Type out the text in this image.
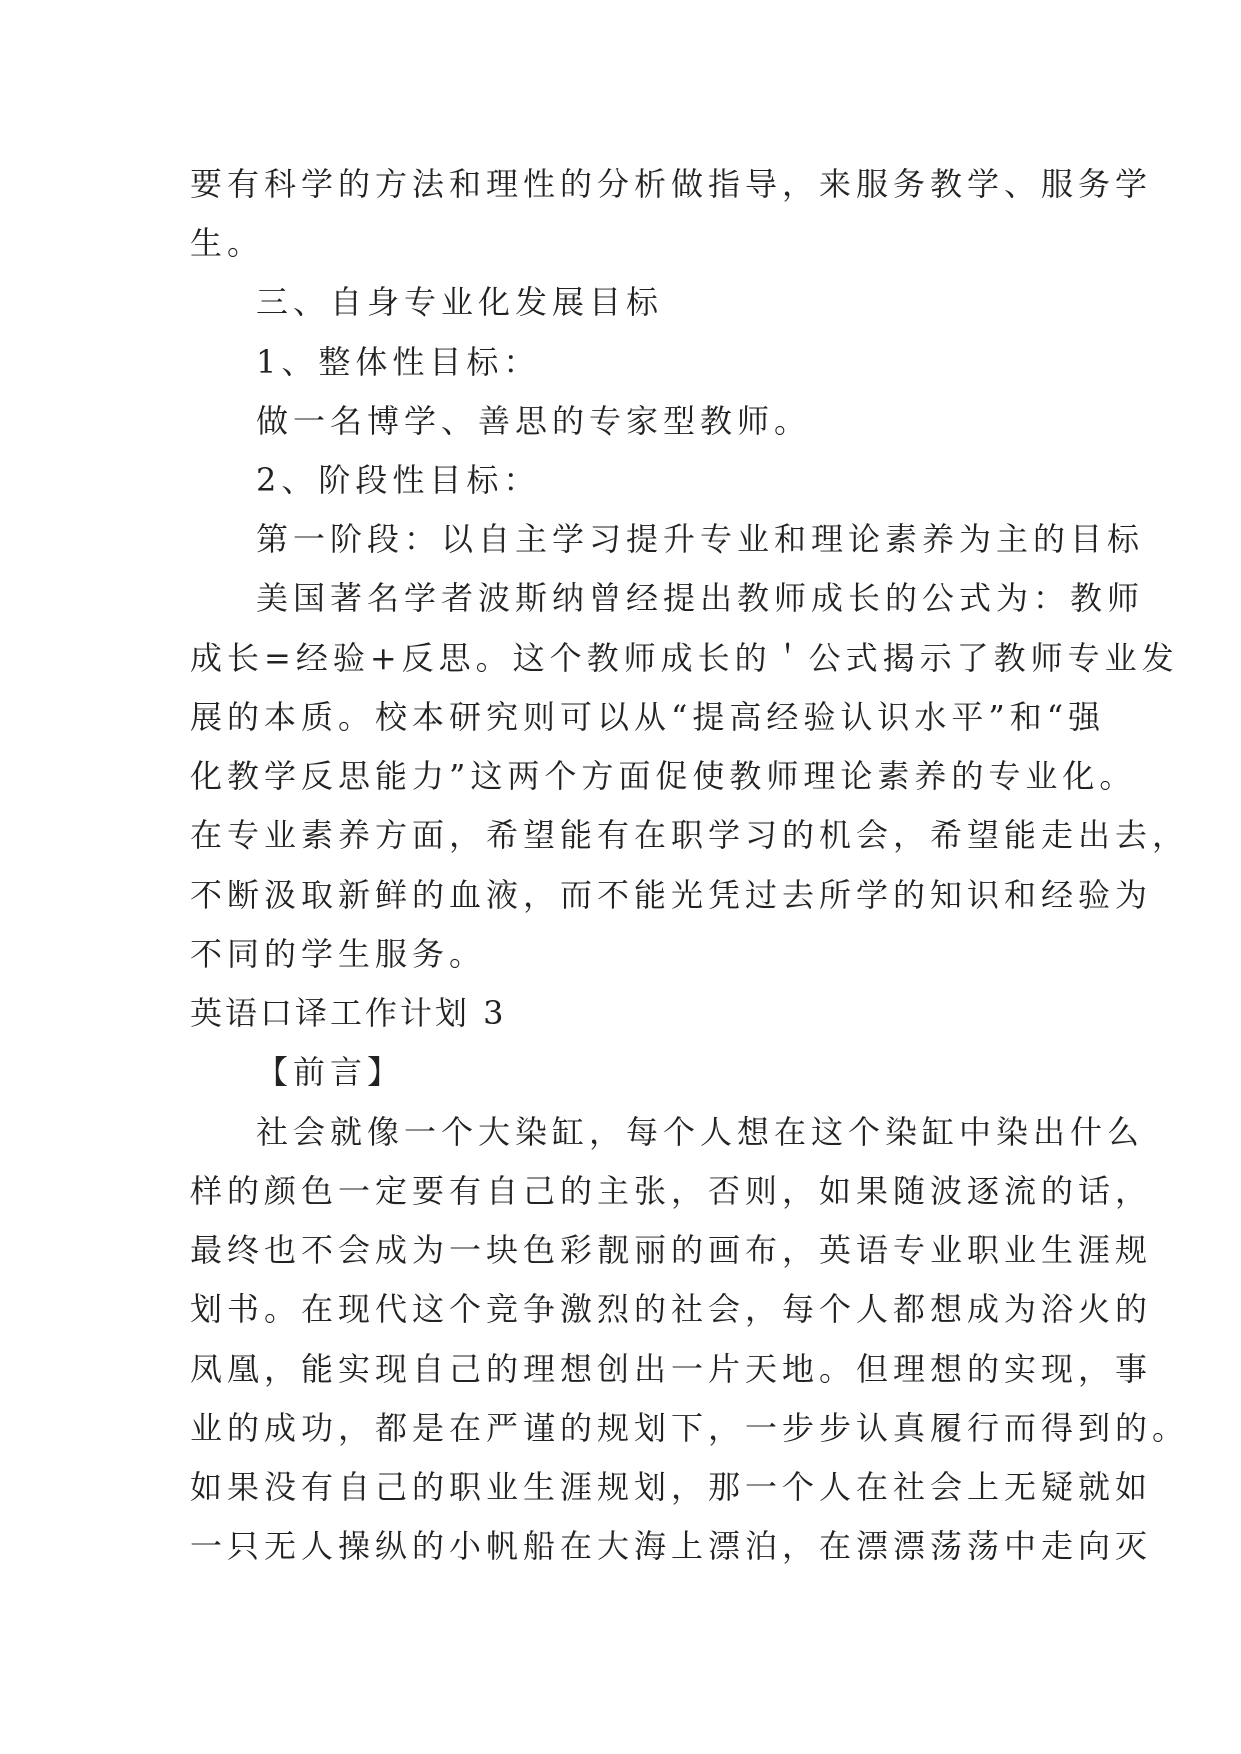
要有科学的方法和理性的分析做指导，来服务教学、服务学
生。
三、自身专业化发展目标
1、整体性目标：
做一名博学、善思的专家型教师。
2、阶段性目标：
第一阶段：以自主学习提升专业和理论素养为主的目标
美国著名学者波斯纳曾经提出教师成长的公式为：教师
成长=经验+反思。这个教师成长的＇公式揭示了教师专业发
展的本质。校本研究则可以从“提高经验认识水平”和“强
化教学反思能力”这两个方面促使教师理论素养的专业化。
在专业素养方面，希望能有在职学习的机会，希望能走出去，
不断汲取新鲜的血液，而不能光凭过去所学的知识和经验为
不同的学生服务。
英语口译工作计划 3
【前言】
社会就像一个大染缸，每个人想在这个染缸中染出什么
样的颜色一定要有自己的主张，否则，如果随波逐流的话，
最终也不会成为一块色彩靓丽的画布，英语专业职业生涯规
划书。在现代这个竞争激烈的社会，每个人都想成为浴火的
凤凰，能实现自己的理想创出一片天地。但理想的实现，事
业的成功，都是在严谨的规划下，一步步认真履行而得到的。
如果没有自己的职业生涯规划，那一个人在社会上无疑就如
一只无人操纵的小帆船在大海上漂泊，在漂漂荡荡中走向灭
